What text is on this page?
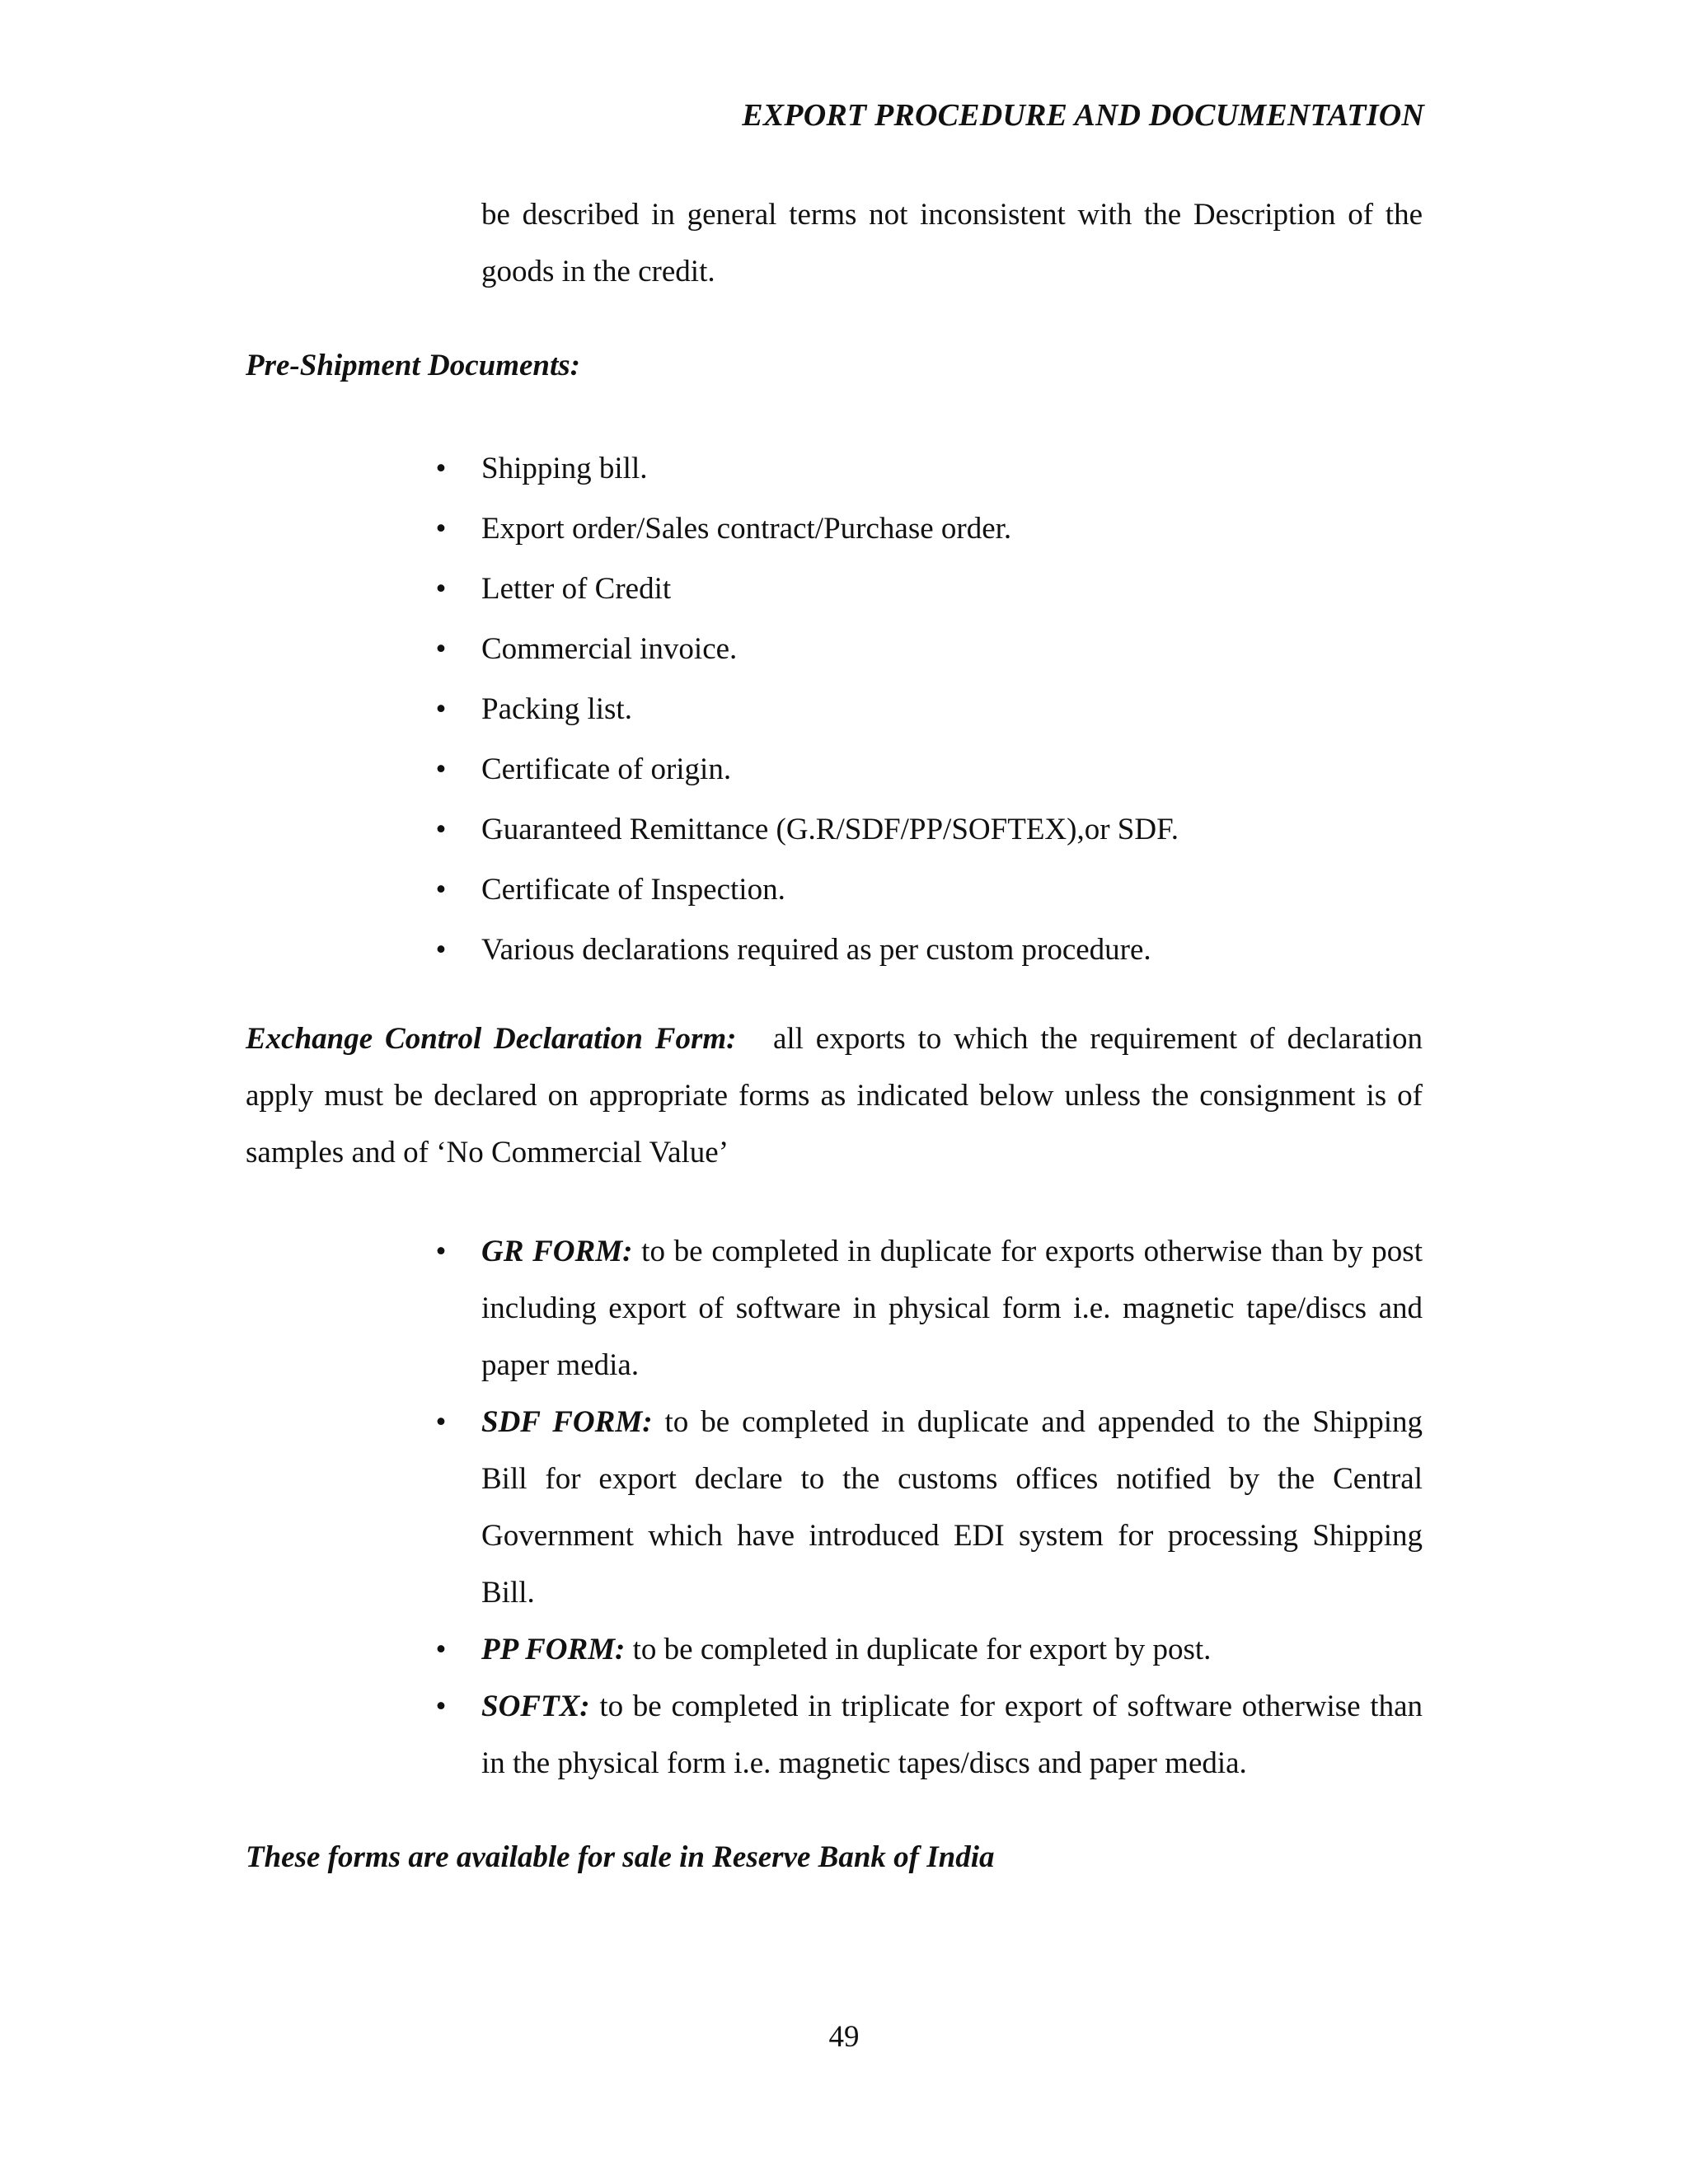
EXPORT PROCEDURE AND DOCUMENTATION
be described in general terms not inconsistent with the Description of the goods in the credit.
Pre-Shipment Documents:
• Shipping bill.
• Export order/Sales contract/Purchase order.
• Letter of Credit
• Commercial invoice.
• Packing list.
• Certificate of origin.
• Guaranteed Remittance (G.R/SDF/PP/SOFTEX),or SDF.
• Certificate of Inspection.
• Various declarations required as per custom procedure.
Exchange Control Declaration Form: all exports to which the requirement of declaration apply must be declared on appropriate forms as indicated below unless the consignment is of samples and of ‘No Commercial Value’
• GR FORM: to be completed in duplicate for exports otherwise than by post including export of software in physical form i.e. magnetic tape/discs and paper media.
• SDF FORM: to be completed in duplicate and appended to the Shipping Bill for export declare to the customs offices notified by the Central Government which have introduced EDI system for processing Shipping Bill.
• PP FORM: to be completed in duplicate for export by post.
• SOFTX: to be completed in triplicate for export of software otherwise than in the physical form i.e. magnetic tapes/discs and paper media.
These forms are available for sale in Reserve Bank of India
49
